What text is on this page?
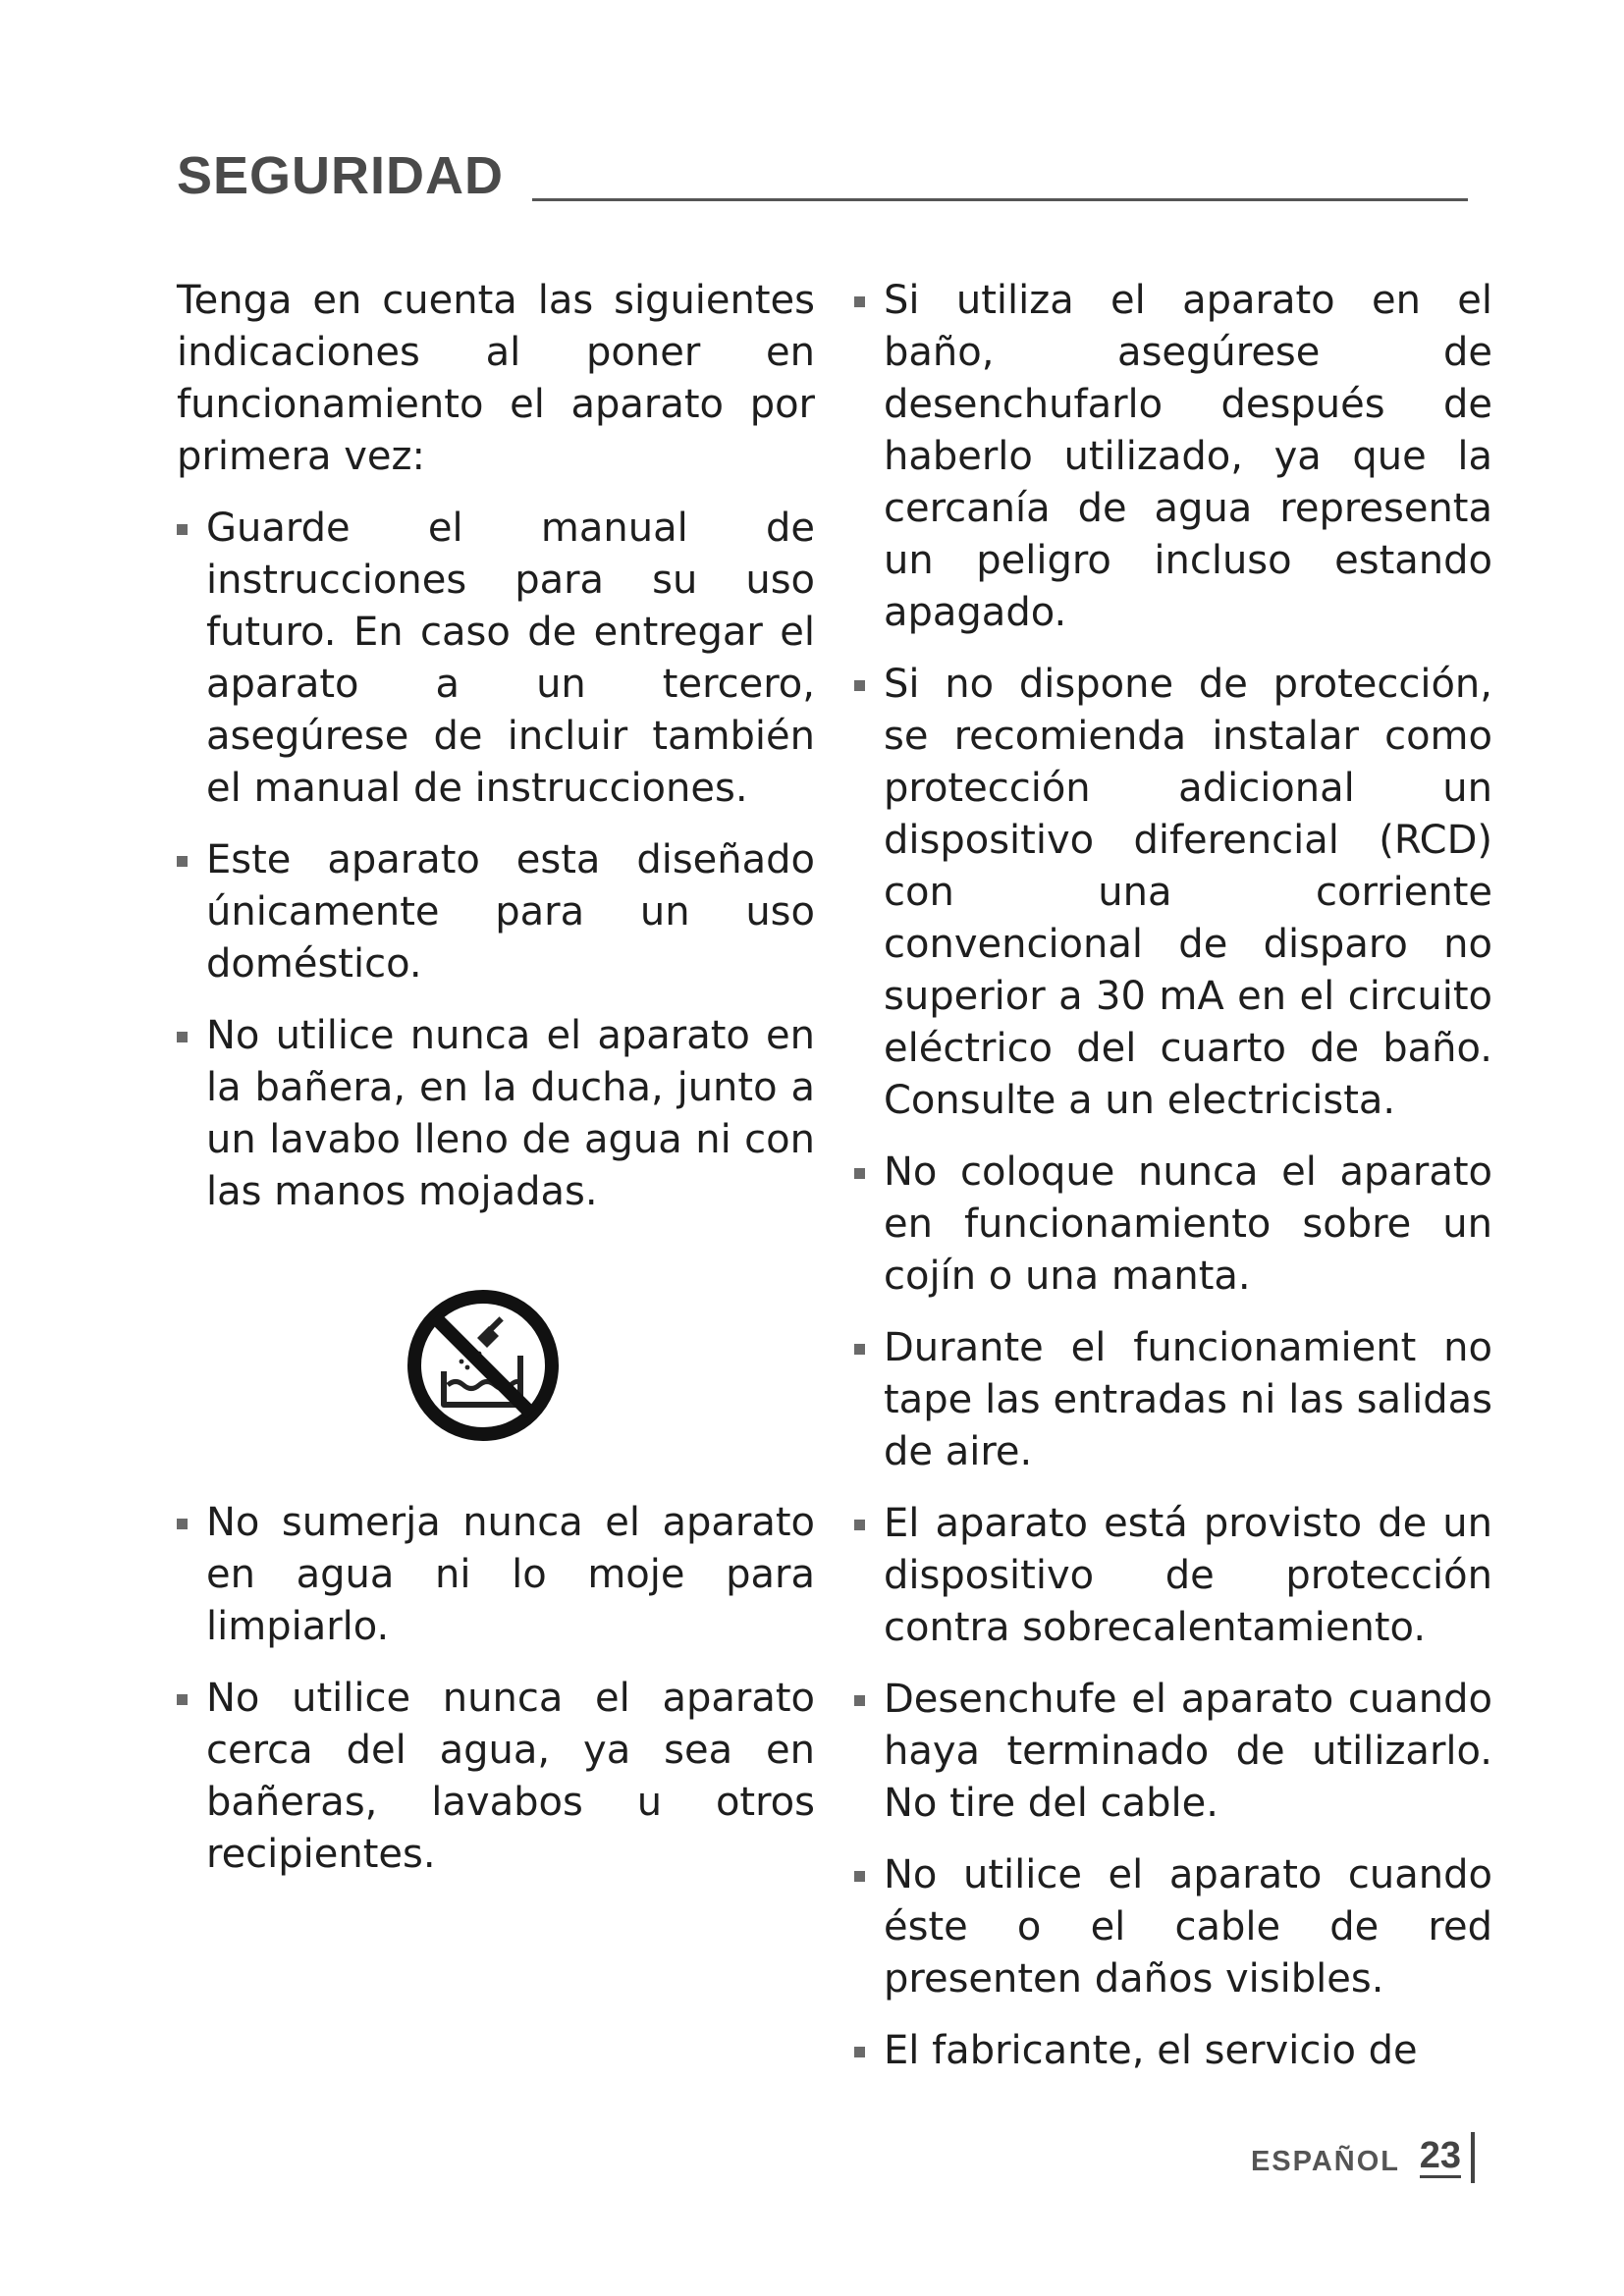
SEGURIDAD

Tenga en cuenta las siguientes indicaciones al poner en funcionamiento el aparato por primera vez:

Guarde el manual de instrucciones para su uso futuro. En caso de entregar el aparato a un tercero, asegúrese de incluir también el manual de instrucciones.
Este aparato esta diseñado únicamente para un uso doméstico.
No utilice nunca el aparato en la bañera, en la ducha, junto a un lavabo lleno de agua ni con las manos mojadas.
No sumerja nunca el aparato en agua ni lo moje para limpiarlo.
No utilice nunca el aparato cerca del agua, ya sea en bañeras, lavabos u otros recipientes.
Si utiliza el aparato en el baño, asegúrese de desenchufarlo después de haberlo utilizado, ya que la cercanía de agua representa un peligro incluso estando apagado.
Si no dispone de protección, se recomienda instalar como protección adicional un dispositivo diferencial (RCD) con una corriente convencional de disparo no superior a 30 mA en el circuito eléctrico del cuarto de baño. Consulte a un electricista.
No coloque nunca el aparato en funcionamiento sobre un cojín o una manta.
Durante el funcionamient no tape las entradas ni las salidas de aire.
El aparato está provisto de un dispositivo de protección contra sobrecalentamiento.
Desenchufe el aparato cuando haya terminado de utilizarlo. No tire del cable.
No utilice el aparato cuando éste o el cable de red presenten daños visibles.
El fabricante, el servicio de
ESPAÑOL 23
